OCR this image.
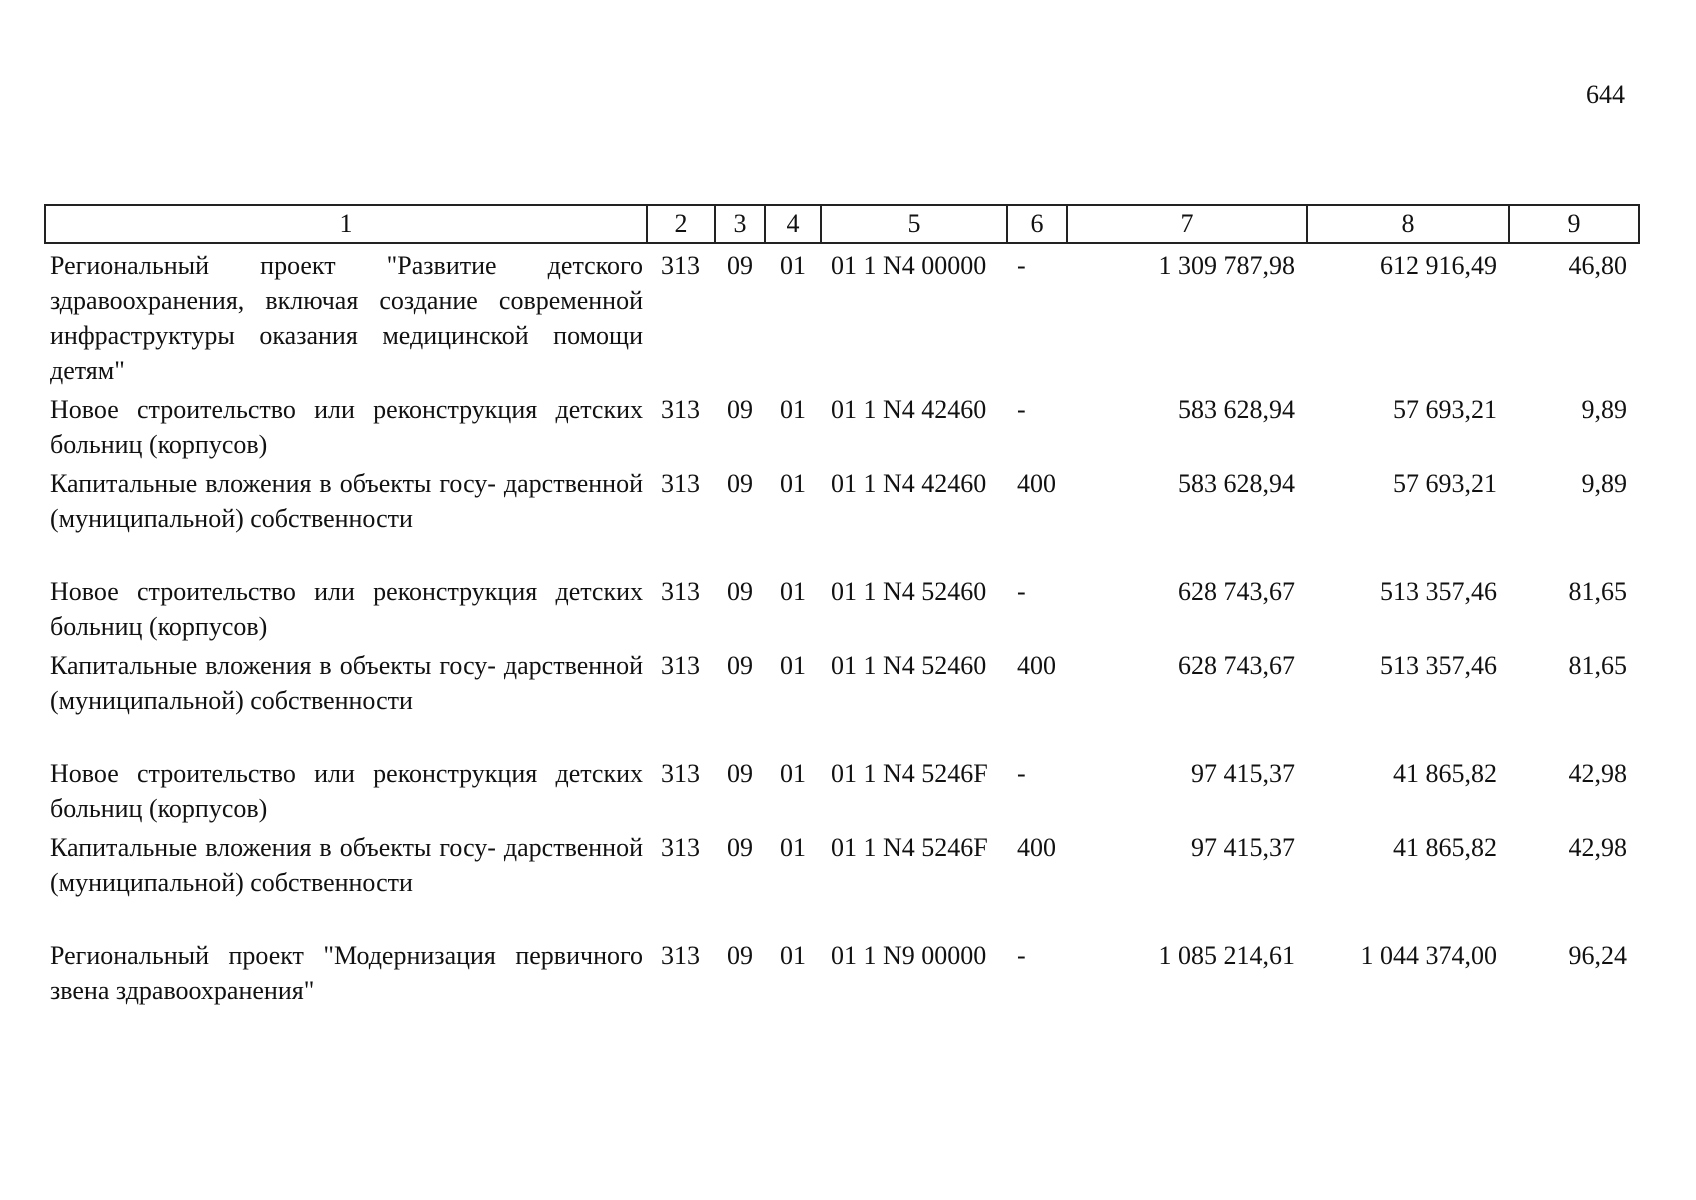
644
1	2	3	4	5	6	7	8	9
Региональный проект "Развитие детского здравоохранения, включая создание современной инфраструктуры оказания медицинской помощи детям"	313	09	01	01 1 N4 00000	-	1 309 787,98	612 916,49	46,80
Новое строительство или реконструкция детских больниц (корпусов)	313	09	01	01 1 N4 42460	-	583 628,94	57 693,21	9,89
Капитальные вложения в объекты госу- дарственной (муниципальной) собственности	313	09	01	01 1 N4 42460	400	583 628,94	57 693,21	9,89
Новое строительство или реконструкция детских больниц (корпусов)	313	09	01	01 1 N4 52460	-	628 743,67	513 357,46	81,65
Капитальные вложения в объекты госу- дарственной (муниципальной) собственности	313	09	01	01 1 N4 52460	400	628 743,67	513 357,46	81,65
Новое строительство или реконструкция детских больниц (корпусов)	313	09	01	01 1 N4 5246F	-	97 415,37	41 865,82	42,98
Капитальные вложения в объекты госу- дарственной (муниципальной) собственности	313	09	01	01 1 N4 5246F	400	97 415,37	41 865,82	42,98
Региональный проект "Модернизация первичного звена здравоохранения"	313	09	01	01 1 N9 00000	-	1 085 214,61	1 044 374,00	96,24
